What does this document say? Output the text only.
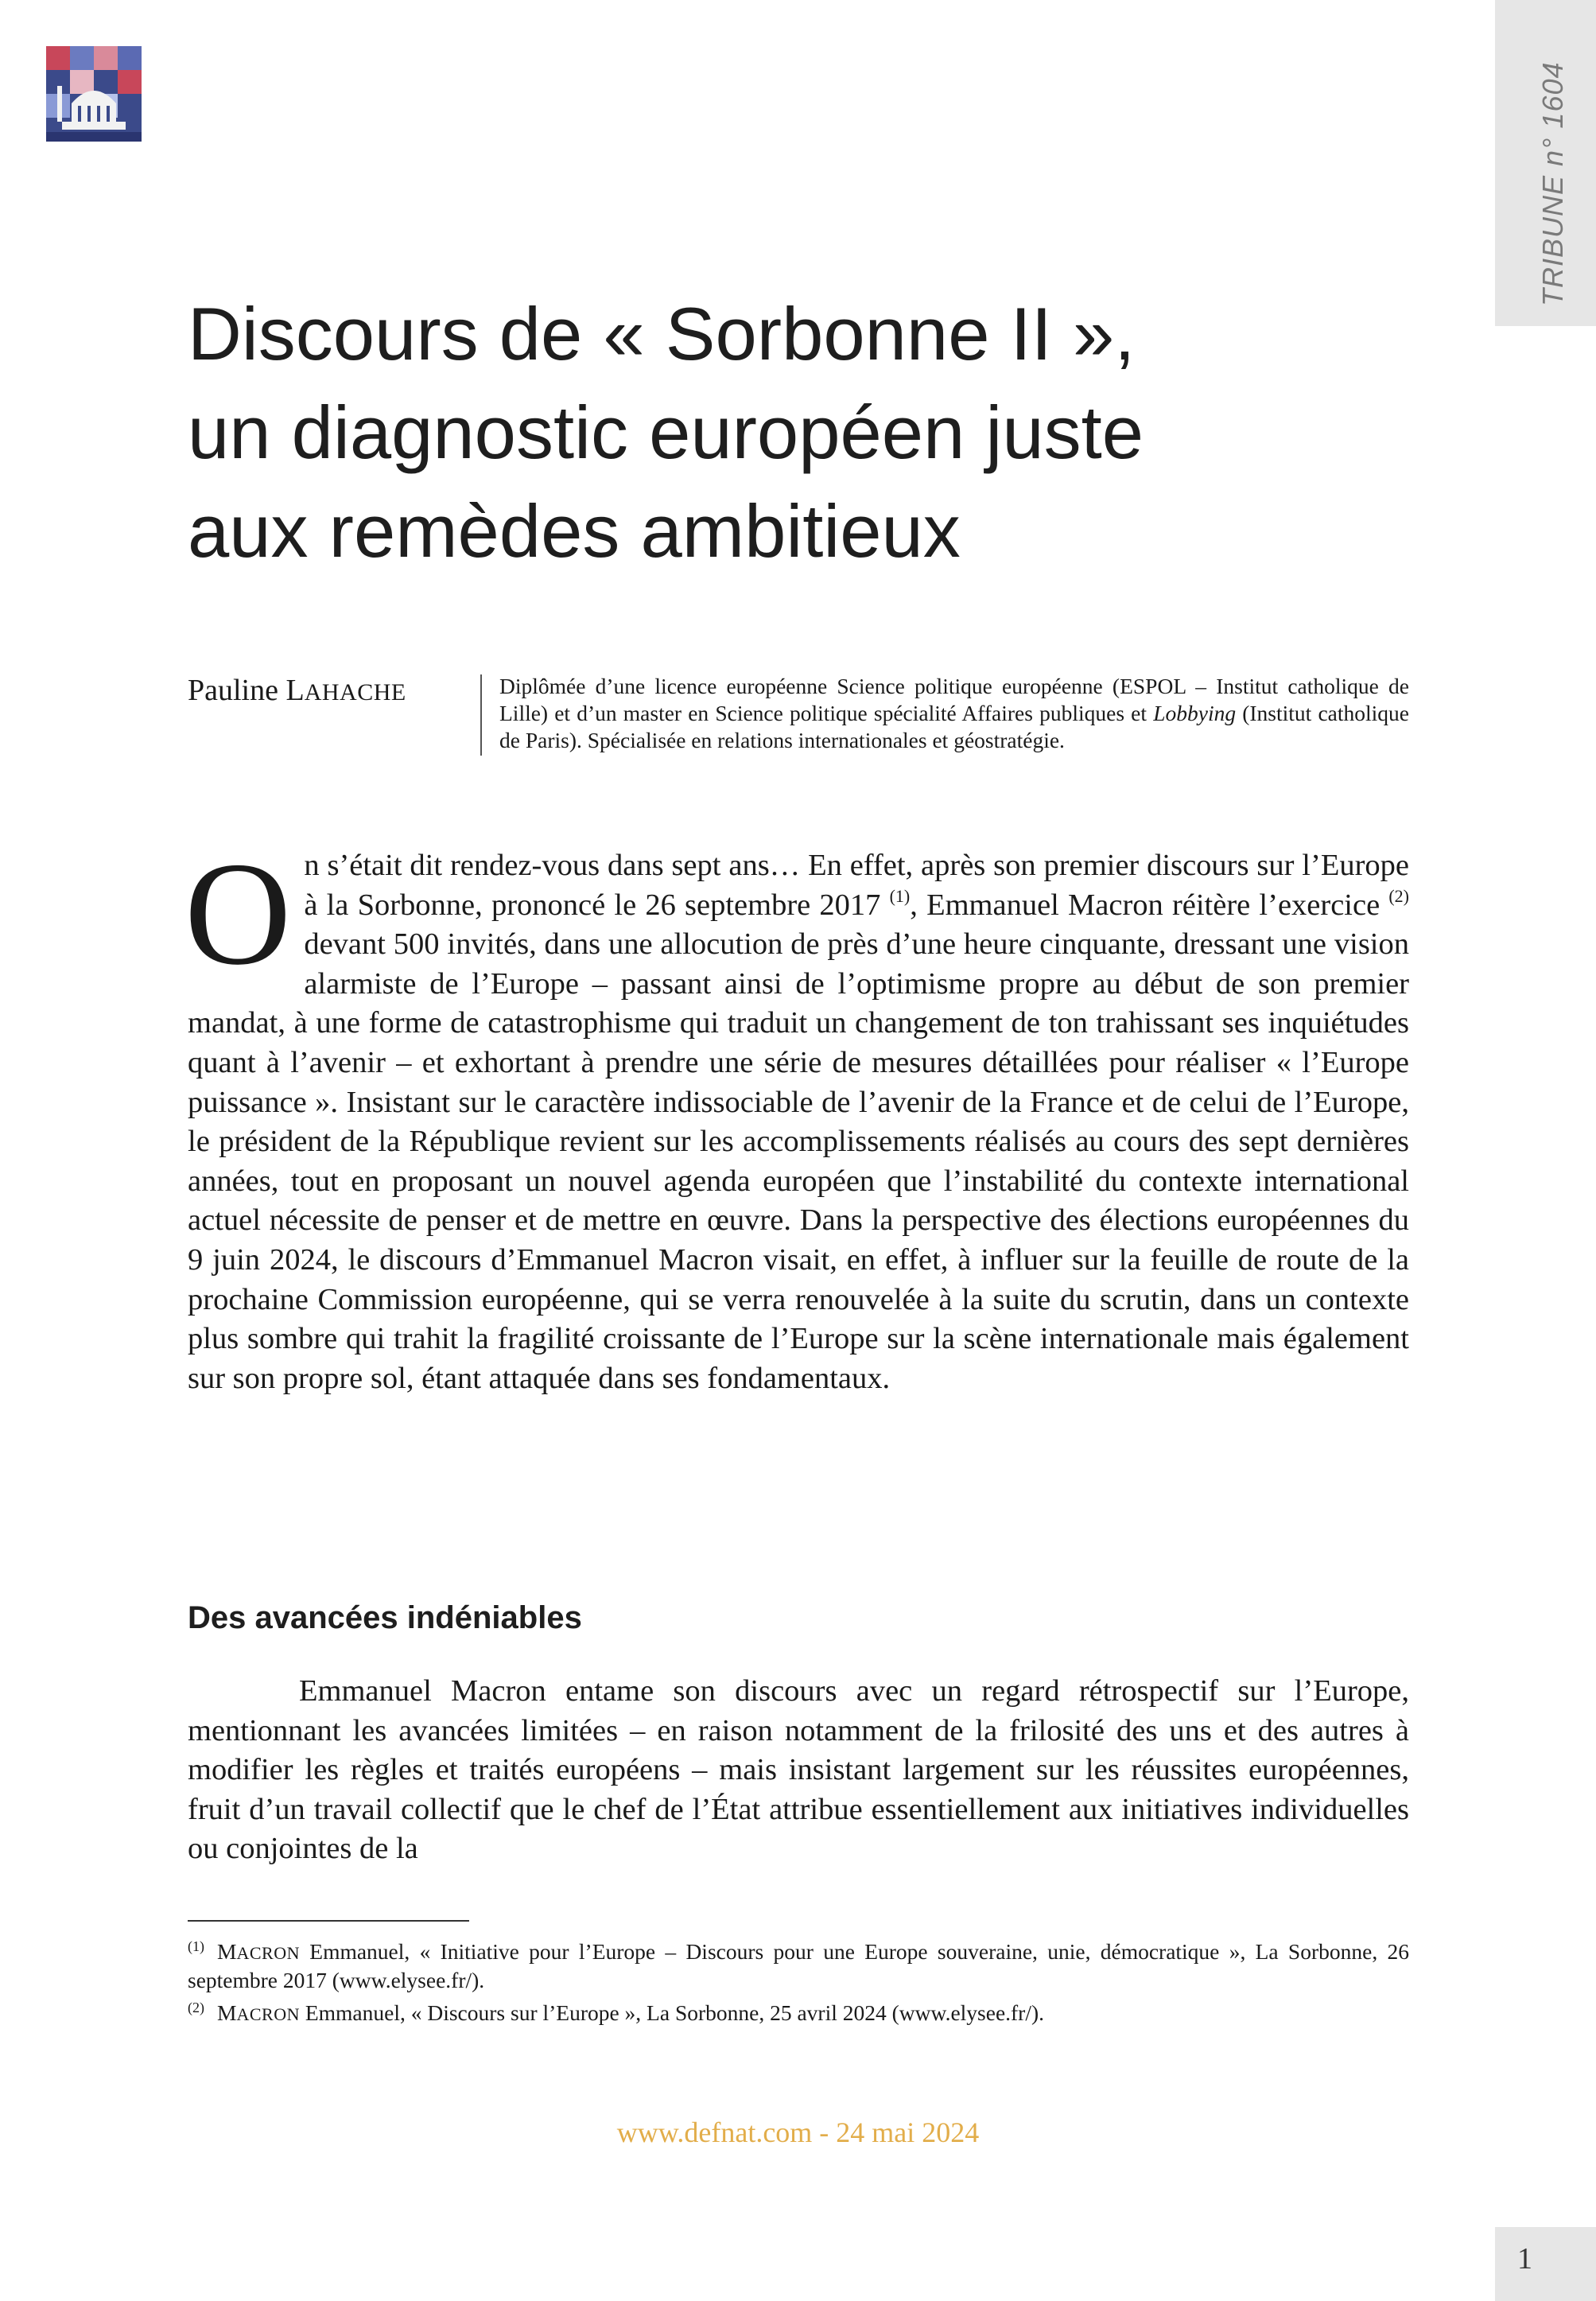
TRIBUNE n° 1604
Discours de « Sorbonne II »,
un diagnostic européen juste
aux remèdes ambitieux
Pauline LAHACHE	Diplômée d’une licence européenne Science politique européenne (ESPOL – Institut catholique de Lille) et d’un master en Science politique spécialité Affaires publiques et Lobbying (Institut catholique de Paris). Spécialisée en relations internationales et géostratégie.
On s’était dit rendez-vous dans sept ans… En effet, après son premier discours sur l’Europe à la Sorbonne, prononcé le 26 septembre 2017 $^{(1)}$, Emmanuel Macron réitère l’exercice $^{(2)}$ devant 500 invités, dans une allocution de près d’une heure cinquante, dressant une vision alarmiste de l’Europe – passant ainsi de l’optimisme propre au début de son premier mandat, à une forme de catastrophisme qui traduit un changement de ton trahissant ses inquiétudes quant à l’avenir – et exhortant à prendre une série de mesures détaillées pour réaliser « l’Europe puissance ». Insistant sur le caractère indissociable de l’avenir de la France et de celui de l’Europe, le président de la République revient sur les accomplissements réalisés au cours des sept dernières années, tout en proposant un nouvel agenda européen que l’instabilité du contexte international actuel nécessite de penser et de mettre en œuvre. Dans la perspective des élections européennes du 9 juin 2024, le discours d’Emmanuel Macron visait, en effet, à influer sur la feuille de route de la prochaine Commission européenne, qui se verra renouvelée à la suite du scrutin, dans un contexte plus sombre qui trahit la fragilité croissante de l’Europe sur la scène internationale mais également sur son propre sol, étant attaquée dans ses fondamentaux.
Des avancées indéniables
Emmanuel Macron entame son discours avec un regard rétrospectif sur l’Europe, mentionnant les avancées limitées – en raison notamment de la frilosité des uns et des autres à modifier les règles et traités européens – mais insistant largement sur les réussites européennes, fruit d’un travail collectif que le chef de l’État attribue essentiellement aux initiatives individuelles ou conjointes de la
$^{(1)}$ MACRON Emmanuel, « Initiative pour l’Europe – Discours pour une Europe souveraine, unie, démocratique », La Sorbonne, 26 septembre 2017 (www.elysee.fr/).
$^{(2)}$ MACRON Emmanuel, « Discours sur l’Europe », La Sorbonne, 25 avril 2024 (www.elysee.fr/).
www.defnat.com - 24 mai 2024
1
